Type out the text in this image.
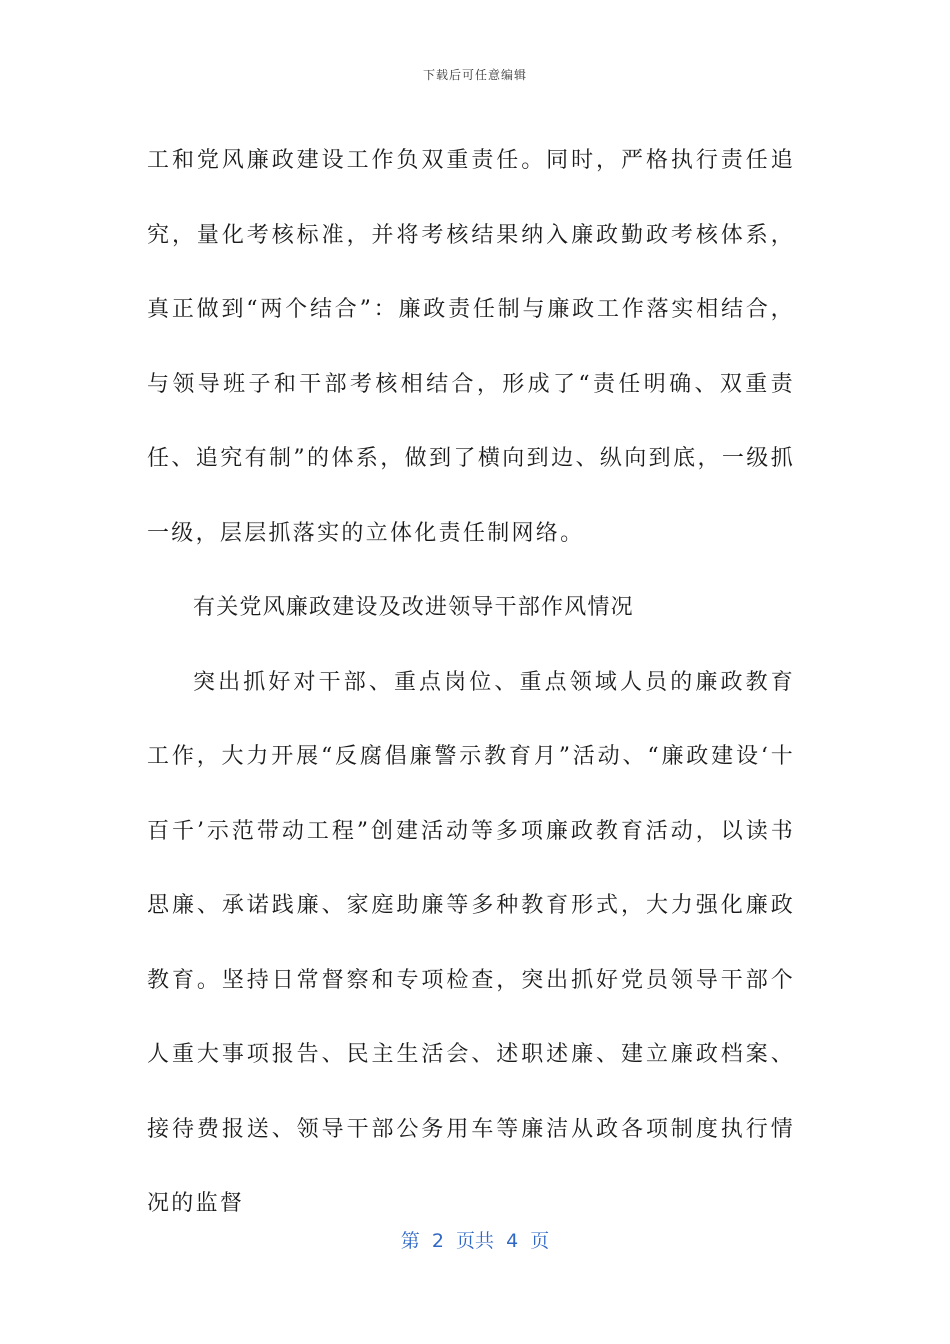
下载后可任意编辑

工和党风廉政建设工作负双重责任。同时，严格执行责任追究，量化考核标准，并将考核结果纳入廉政勤政考核体系，真正做到“两个结合”：廉政责任制与廉政工作落实相结合，与领导班子和干部考核相结合，形成了“责任明确、双重责任、追究有制”的体系，做到了横向到边、纵向到底，一级抓一级，层层抓落实的立体化责任制网络。

有关党风廉政建设及改进领导干部作风情况

突出抓好对干部、重点岗位、重点领域人员的廉政教育工作，大力开展“反腐倡廉警示教育月”活动、“廉政建设‘十百千’示范带动工程”创建活动等多项廉政教育活动，以读书思廉、承诺践廉、家庭助廉等多种教育形式，大力强化廉政教育。坚持日常督察和专项检查，突出抓好党员领导干部个人重大事项报告、民主生活会、述职述廉、建立廉政档案、接待费报送、领导干部公务用车等廉洁从政各项制度执行情况的监督

第  2  页共  4  页
